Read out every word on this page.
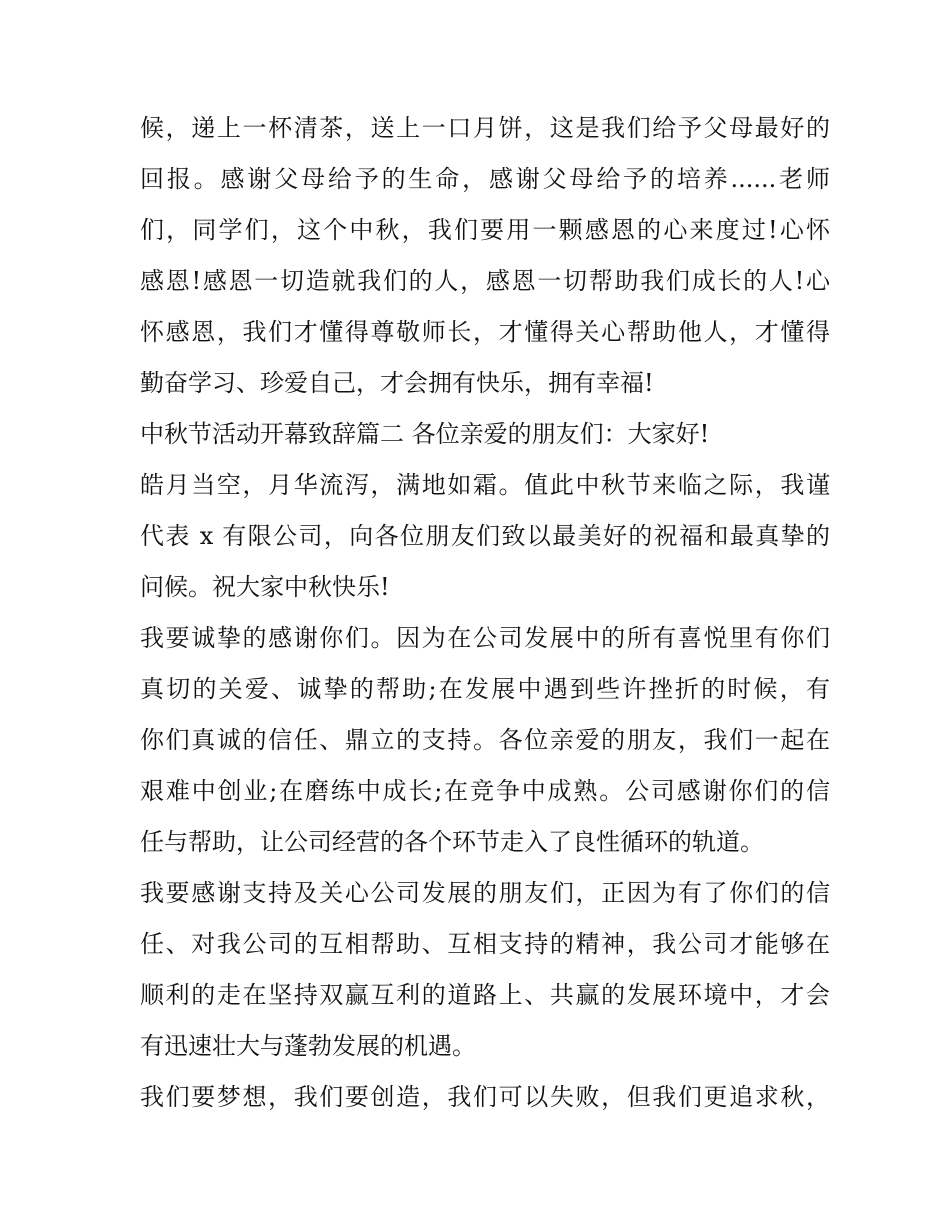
候，递上一杯清茶，送上一口月饼，这是我们给予父母最好的
回报。感谢父母给予的生命，感谢父母给予的培养......老师
们，同学们，这个中秋，我们要用一颗感恩的心来度过!心怀
感恩!感恩一切造就我们的人，感恩一切帮助我们成长的人!心
怀感恩，我们才懂得尊敬师长，才懂得关心帮助他人，才懂得
勤奋学习、珍爱自己，才会拥有快乐，拥有幸福!
中秋节活动开幕致辞篇二 各位亲爱的朋友们：大家好!
皓月当空，月华流泻，满地如霜。值此中秋节来临之际，我谨
代表 x 有限公司，向各位朋友们致以最美好的祝福和最真挚的
问候。祝大家中秋快乐!
我要诚挚的感谢你们。因为在公司发展中的所有喜悦里有你们
真切的关爱、诚挚的帮助;在发展中遇到些许挫折的时候，有
你们真诚的信任、鼎立的支持。各位亲爱的朋友，我们一起在
艰难中创业;在磨练中成长;在竞争中成熟。公司感谢你们的信
任与帮助，让公司经营的各个环节走入了良性循环的轨道。
我要感谢支持及关心公司发展的朋友们，正因为有了你们的信
任、对我公司的互相帮助、互相支持的精神，我公司才能够在
顺利的走在坚持双赢互利的道路上、共赢的发展环境中，才会
有迅速壮大与蓬勃发展的机遇。
我们要梦想，我们要创造，我们可以失败，但我们更追求秋，
